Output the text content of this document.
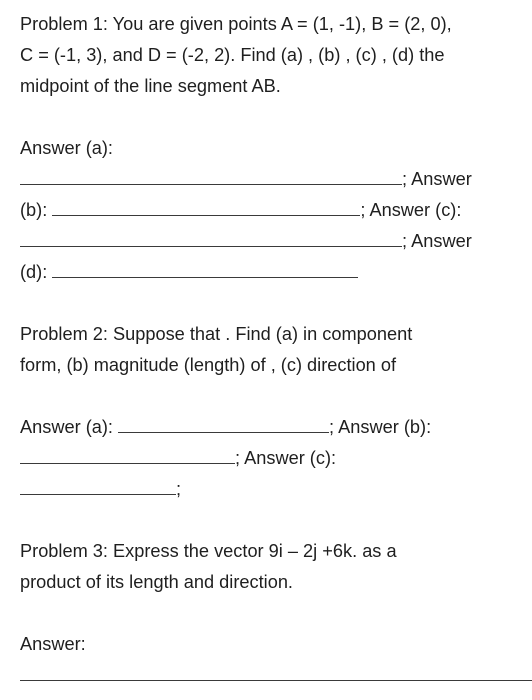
Problem 1: You are given points A = (1, -1), B = (2, 0),
C = (-1, 3), and D = (-2, 2). Find (a) , (b) , (c) , (d) the
midpoint of the line segment AB.
Answer (a):
; Answer
(b):	; Answer (c):
; Answer
(d):
Problem 2: Suppose that . Find (a) in component
form, (b) magnitude (length) of , (c) direction of
Answer (a):	; Answer (b):
; Answer (c):
;
Problem 3: Express the vector 9i – 2j +6k. as a
product of its length and direction.
Answer:
